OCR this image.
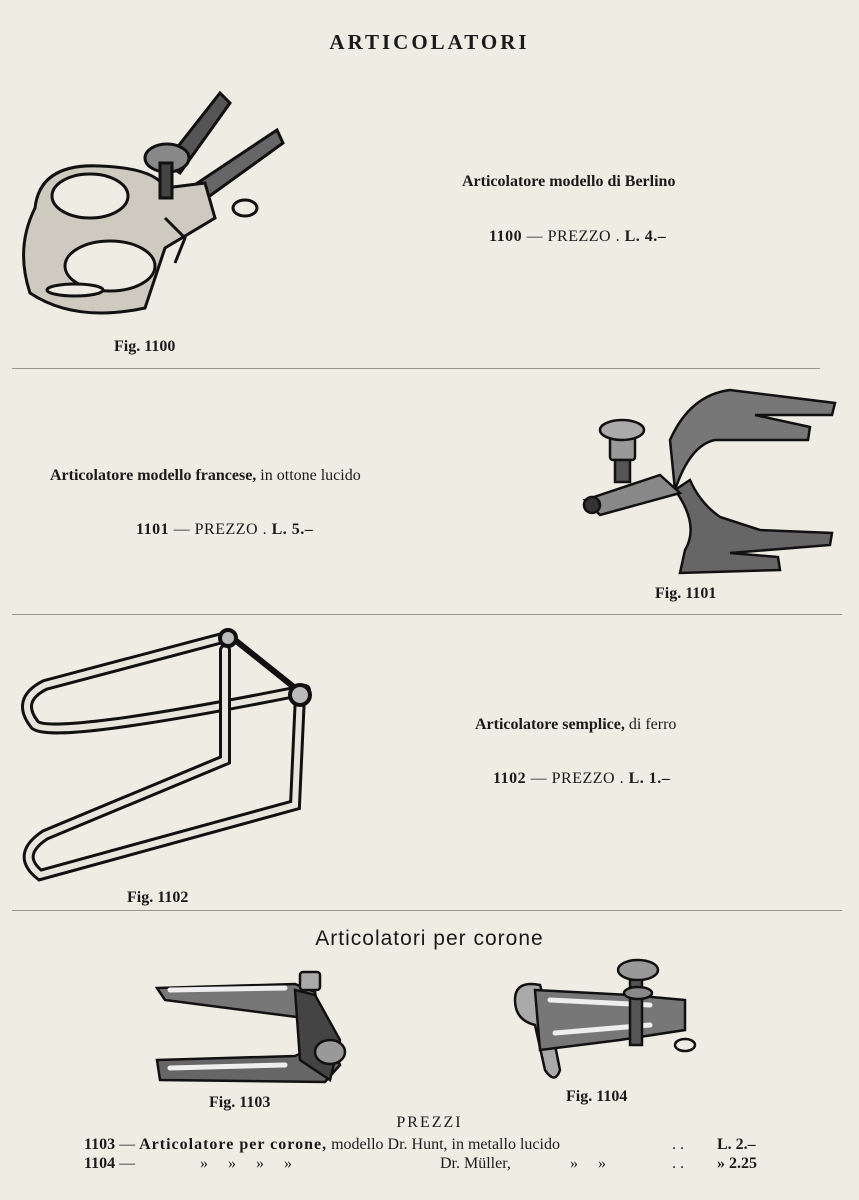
ARTICOLATORI
Fig. 1100
Articolatore modello di Berlino
1100 — PREZZO . L. 4.–
Articolatore modello francese, in ottone lucido
1101 — PREZZO . L. 5.–
Fig. 1101
Fig. 1102
Articolatore semplice, di ferro
1102 — PREZZO . L. 1.–
Articolatori per corone
Fig. 1103	Fig. 1104
PREZZI
1103 — Articolatore per corone, modello Dr. Hunt, in metallo lucido	. . L. 2.–
1104 —	»     »     »     »	Dr. Müller,	»     »	. . » 2.25
